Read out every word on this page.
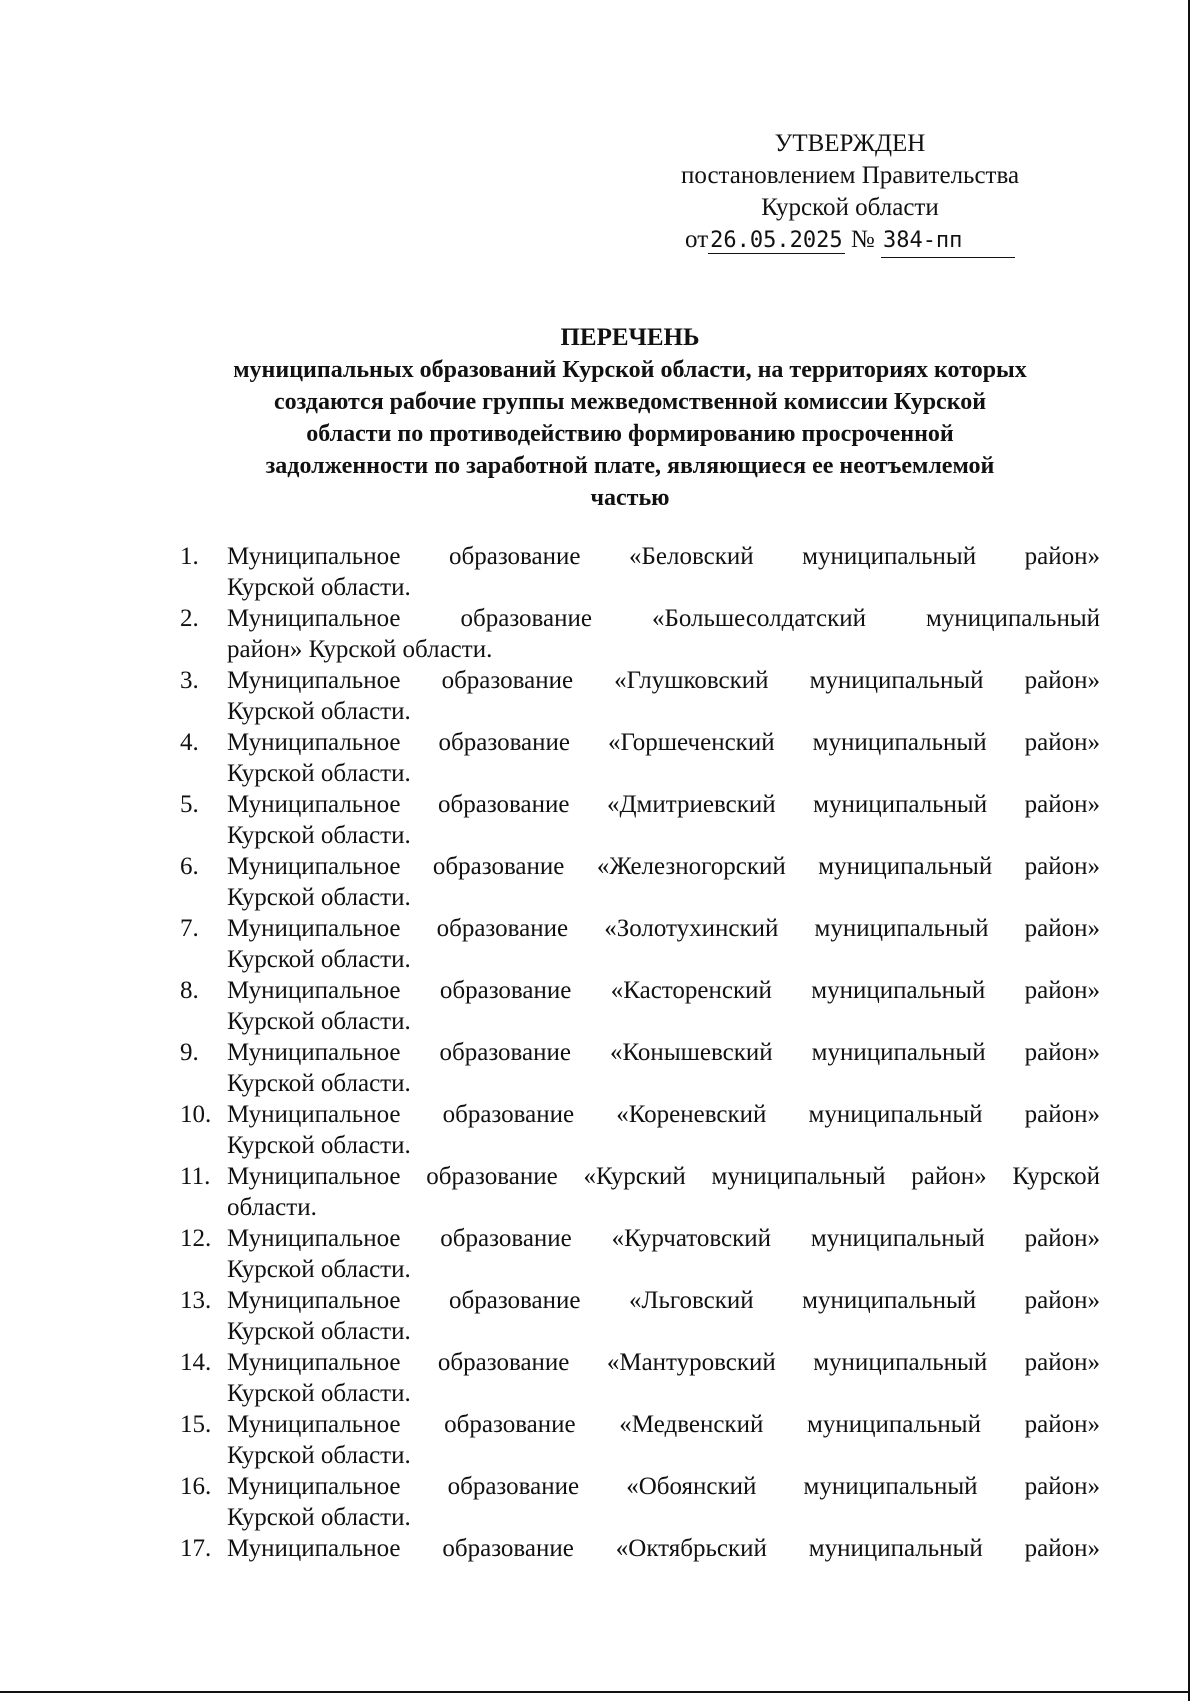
УТВЕРЖДЕН
постановлением Правительства
Курской области
от26.05.2025 № 384-пп
ПЕРЕЧЕНЬ
муниципальных образований Курской области, на территориях которых
создаются рабочие группы межведомственной комиссии Курской
области по противодействию формированию просроченной
задолженности по заработной плате, являющиеся ее неотъемлемой
частью
1. Муниципальное образование «Беловский муниципальный район»
Курской области.
2. Муниципальное образование «Большесолдатский муниципальный
район» Курской области.
3. Муниципальное образование «Глушковский муниципальный район»
Курской области.
4. Муниципальное образование «Горшеченский муниципальный район»
Курской области.
5. Муниципальное образование «Дмитриевский муниципальный район»
Курской области.
6. Муниципальное образование «Железногорский муниципальный район»
Курской области.
7. Муниципальное образование «Золотухинский муниципальный район»
Курской области.
8. Муниципальное образование «Касторенский муниципальный район»
Курской области.
9. Муниципальное образование «Конышевский муниципальный район»
Курской области.
10. Муниципальное образование «Кореневский муниципальный район»
Курской области.
11. Муниципальное образование «Курский муниципальный район» Курской
области.
12. Муниципальное образование «Курчатовский муниципальный район»
Курской области.
13. Муниципальное образование «Льговский муниципальный район»
Курской области.
14. Муниципальное образование «Мантуровский муниципальный район»
Курской области.
15. Муниципальное образование «Медвенский муниципальный район»
Курской области.
16. Муниципальное образование «Обоянский муниципальный район»
Курской области.
17. Муниципальное образование «Октябрьский муниципальный район»
